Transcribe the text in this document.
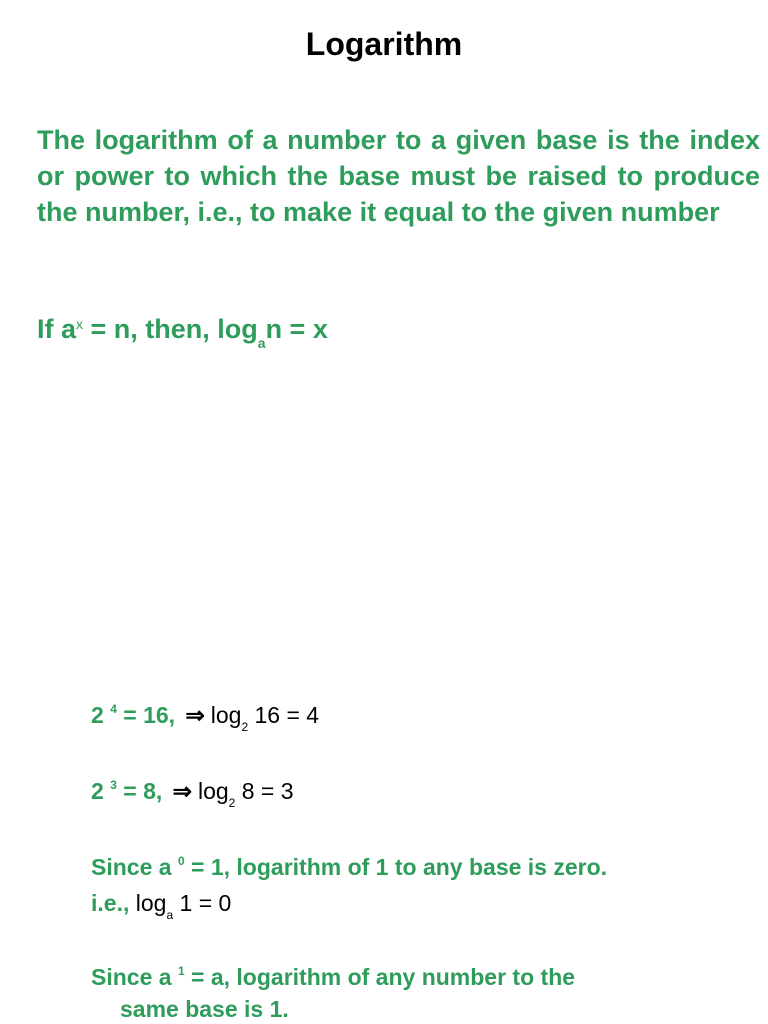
Logarithm
The logarithm of a number to a given base is the index or power to which the base must be raised to produce the number, i.e., to make it equal to the given number
If $a^x = n$, then, $\log_an = x$
2 $^4$ = 16, ⇒ $\log_2 16 = 4$
2 $^3$ = 8, ⇒ $\log_2 8 = 3$
Since a $^0$ = 1, logarithm of 1 to any base is zero.
i.e., $\log_a 1 = 0$
Since a $^1$ = a, logarithm of any number to the
same base is 1.
